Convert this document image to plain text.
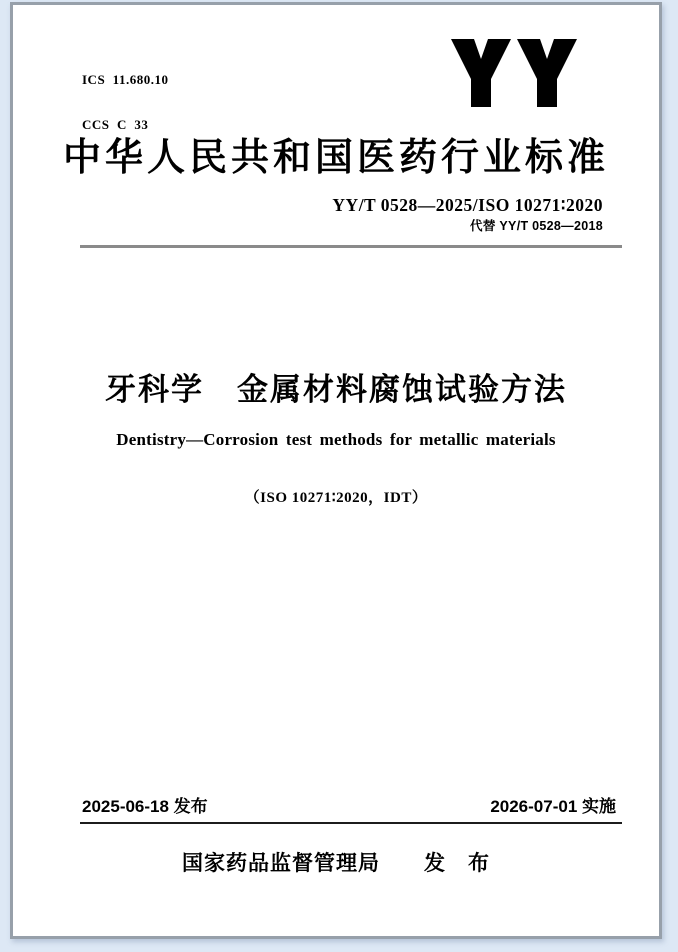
ICS  11.680.10

CCS  C  33

中华人民共和国医药行业标准
YY/T 0528—2025/ISO 10271∶2020
代替 YY/T 0528—2018
牙科学　金属材料腐蚀试验方法
Dentistry—Corrosion test methods for metallic materials
（ISO 10271∶2020，IDT）
2025-06-18 发布	2026-07-01 实施
国家药品监督管理局　　发　布
